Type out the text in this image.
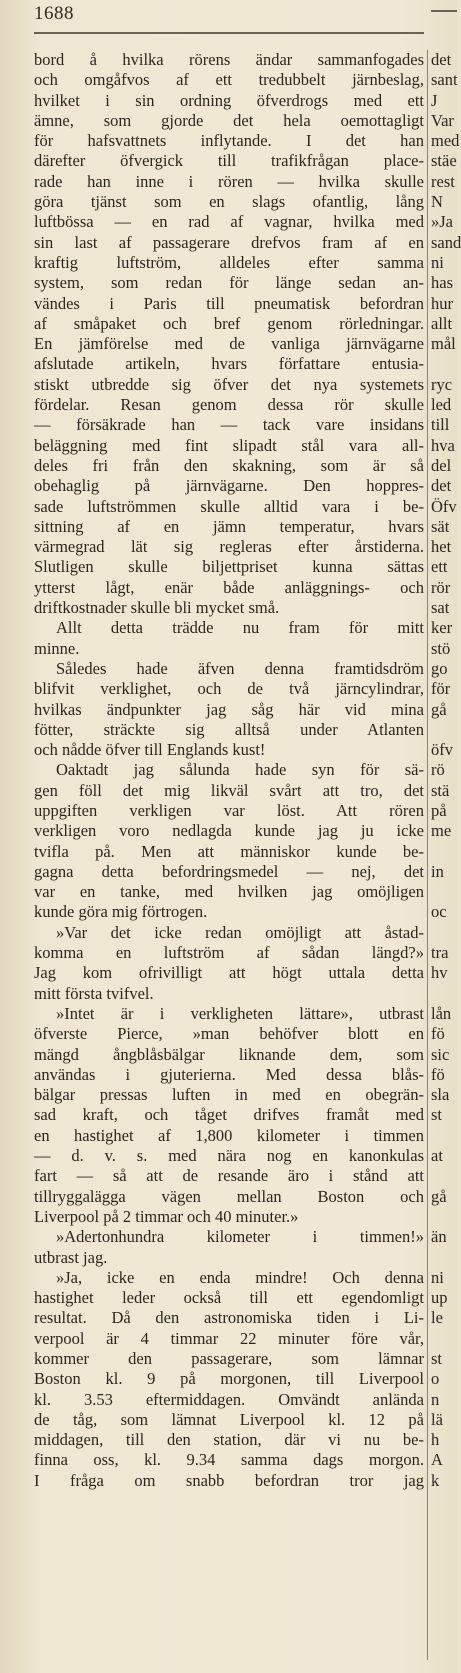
1688

bord å hvilka rörens ändar sammanfogades

och omgåfvos af ett tredubbelt järnbeslag,

hvilket i sin ordning öfverdrogs med ett

ämne, som gjorde det hela oemottagligt

för hafsvattnets inflytande. I det han

därefter öfvergick till trafikfrågan place-

rade han inne i rören — hvilka skulle

göra tjänst som en slags ofantlig, lång

luftbössa — en rad af vagnar, hvilka med

sin last af passagerare drefvos fram af en

kraftig luftström, alldeles efter samma

system, som redan för länge sedan an-

vändes i Paris till pneumatisk befordran

af småpaket och bref genom rörledningar.

En jämförelse med de vanliga järnvägarne

afslutade artikeln, hvars författare entusia-

stiskt utbredde sig öfver det nya systemets

fördelar. Resan genom dessa rör skulle

— försäkrade han — tack vare insidans

beläggning med fint slipadt stål vara all-

deles fri från den skakning, som är så

obehaglig på järnvägarne. Den hoppres-

sade luftströmmen skulle alltid vara i be-

sittning af en jämn temperatur, hvars

värmegrad lät sig regleras efter årstiderna.

Slutligen skulle biljettpriset kunna sättas

ytterst lågt, enär både anläggnings- och

driftkostnader skulle bli mycket små.

Allt detta trädde nu fram för mitt

minne.

Således hade äfven denna framtidsdröm

blifvit verklighet, och de två järncylindrar,

hvilkas ändpunkter jag såg här vid mina

fötter, sträckte sig alltså under Atlanten

och nådde öfver till Englands kust!

Oaktadt jag sålunda hade syn för sä-

gen föll det mig likväl svårt att tro, det

uppgiften verkligen var löst. Att rören

verkligen voro nedlagda kunde jag ju icke

tvifla på. Men att människor kunde be-

gagna detta befordringsmedel — nej, det

var en tanke, med hvilken jag omöjligen

kunde göra mig förtrogen.

»Var det icke redan omöjligt att åstad-

komma en luftström af sådan längd?»

Jag kom ofrivilligt att högt uttala detta

mitt första tvifvel.

»Intet är i verkligheten lättare», utbrast

öfverste Pierce, »man behöfver blott en

mängd ångblåsbälgar liknande dem, som

användas i gjuterierna. Med dessa blås-

bälgar pressas luften in med en obegrän-

sad kraft, och tåget drifves framåt med

en hastighet af 1,800 kilometer i timmen

— d. v. s. med nära nog en kanonkulas

fart — så att de resande äro i stånd att

tillryggalägga vägen mellan Boston och

Liverpool på 2 timmar och 40 minuter.»

»Adertonhundra kilometer i timmen!»

utbrast jag.

»Ja, icke en enda mindre! Och denna

hastighet leder också till ett egendomligt

resultat. Då den astronomiska tiden i Li-

verpool är 4 timmar 22 minuter före vår,

kommer den passagerare, som lämnar

Boston kl. 9 på morgonen, till Liverpool

kl. 3.53 eftermiddagen. Omvändt anlända

de tåg, som lämnat Liverpool kl. 12 på

middagen, till den station, där vi nu be-

finna oss, kl. 9.34 samma dags morgon.

I fråga om snabb befordran tror jag

det
sant
J
Var
med
stäe
rest
N
»Ja
sand
ni
has
hur
allt
mål
ryc
led
till
hva
del
det
Öfv
sät
het
ett
rör
sat
ker
stö
go
för
gå
öfv
rö
stä
på
me
in
oc
tra
hv
lån
fö
sic
fö
sla
st
at
gå
än
ni
up
le
st
o
n
lä
h
A
k
